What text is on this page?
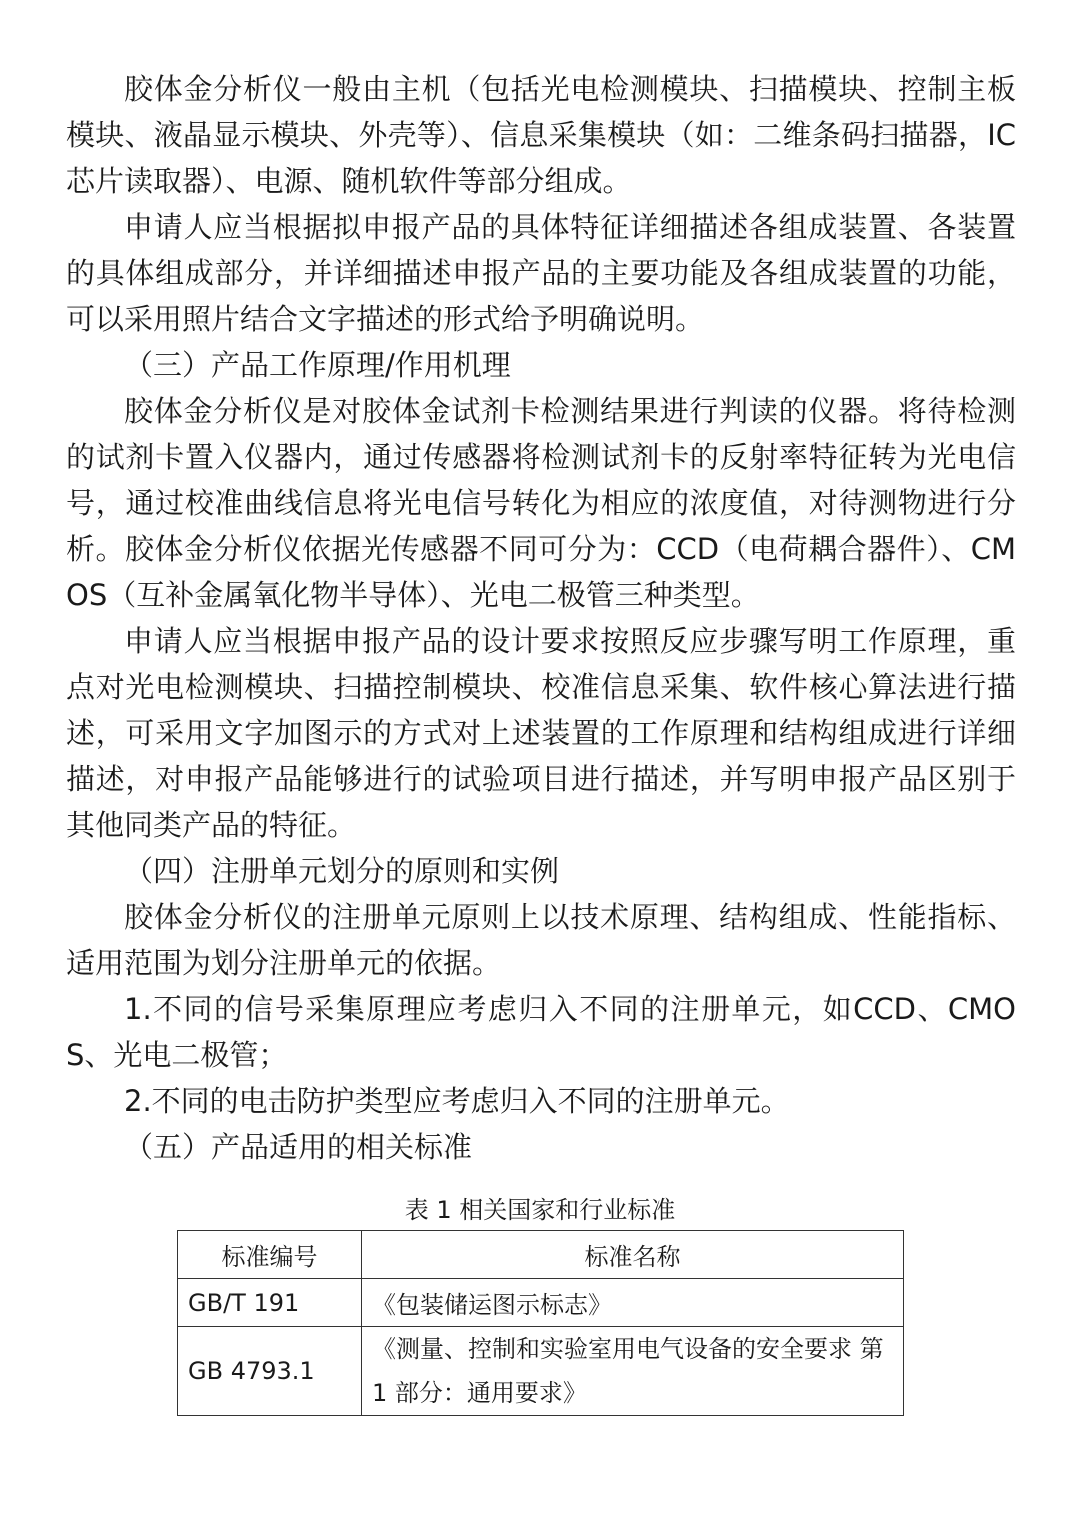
胶体金分析仪一般由主机（包括光电检测模块、扫描模块、控制主板模块、液晶显示模块、外壳等）、信息采集模块（如：二维条码扫描器，IC芯片读取器）、电源、随机软件等部分组成。

申请人应当根据拟申报产品的具体特征详细描述各组成装置、各装置的具体组成部分，并详细描述申报产品的主要功能及各组成装置的功能，可以采用照片结合文字描述的形式给予明确说明。

（三）产品工作原理/作用机理

胶体金分析仪是对胶体金试剂卡检测结果进行判读的仪器。将待检测的试剂卡置入仪器内，通过传感器将检测试剂卡的反射率特征转为光电信号，通过校准曲线信息将光电信号转化为相应的浓度值，对待测物进行分析。胶体金分析仪依据光传感器不同可分为：CCD（电荷耦合器件）、CMOS（互补金属氧化物半导体）、光电二极管三种类型。

申请人应当根据申报产品的设计要求按照反应步骤写明工作原理，重点对光电检测模块、扫描控制模块、校准信息采集、软件核心算法进行描述，可采用文字加图示的方式对上述装置的工作原理和结构组成进行详细描述，对申报产品能够进行的试验项目进行描述，并写明申报产品区别于其他同类产品的特征。

（四）注册单元划分的原则和实例

胶体金分析仪的注册单元原则上以技术原理、结构组成、性能指标、适用范围为划分注册单元的依据。

1.不同的信号采集原理应考虑归入不同的注册单元，如CCD、CMOS、光电二极管；

2.不同的电击防护类型应考虑归入不同的注册单元。

（五）产品适用的相关标准

表 1 相关国家和行业标准
标准编号	标准名称
GB/T 191	《包装储运图示标志》
GB 4793.1	《测量、控制和实验室用电气设备的安全要求 第 1 部分：通用要求》
